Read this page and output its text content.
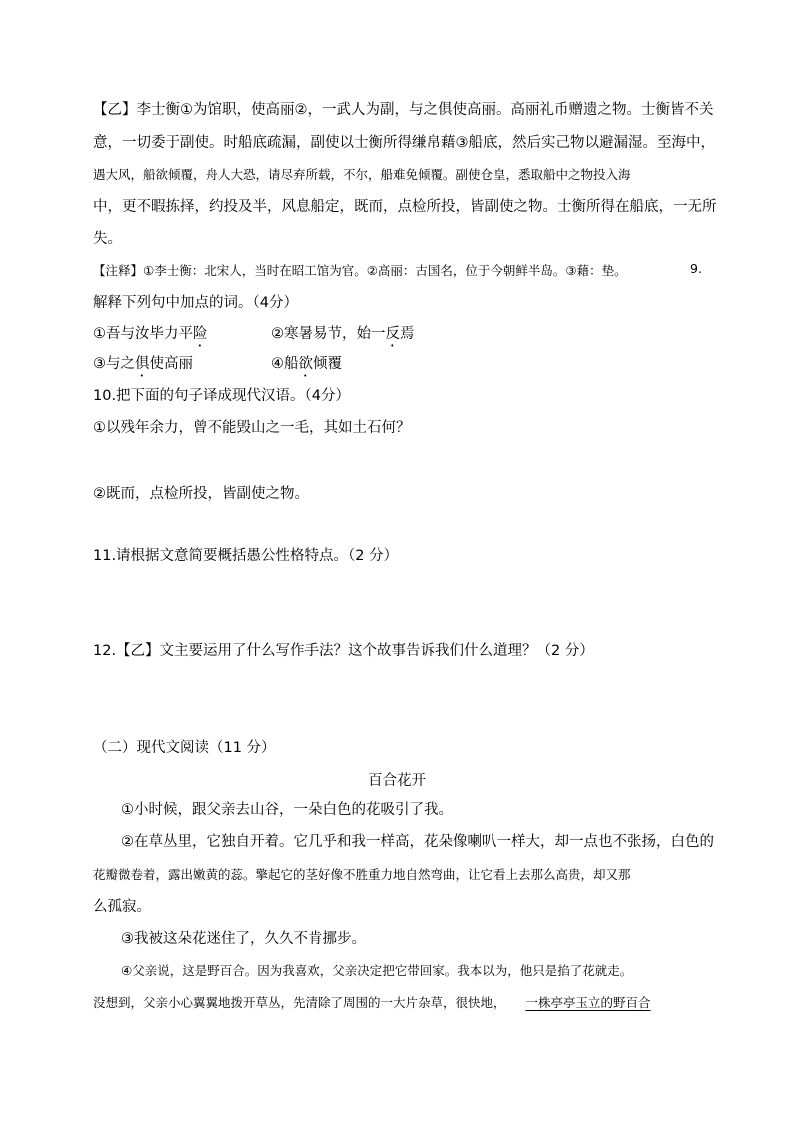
【乙】李士衡①为馆职，使高丽②，一武人为副，与之俱使高丽。高丽礼币赠遗之物。士衡皆不关
意，一切委于副使。时船底疏漏，副使以士衡所得缣帛藉③船底，然后实己物以避漏湿。至海中，
遇大风，船欲倾覆，舟人大恐，请尽弃所载，不尔，船难免倾覆。副使仓皇，悉取船中之物投入海
中，更不暇拣择，约投及半，风息船定，既而，点检所投，皆副使之物。士衡所得在船底，一无所
失。
【注释】①李士衡：北宋人，当时在昭工馆为官。②高丽：古国名，位于今朝鲜半岛。③藉：垫。	9.
解释下列句中加点的词。（4分）
①吾与汝毕力平险	②寒暑易节，始一反焉
③与之俱使高丽	④船欲倾覆
10.把下面的句子译成现代汉语。（4分）
①以残年余力，曾不能毁山之一毛，其如土石何？
②既而，点检所投，皆副使之物。
11.请根据文意简要概括愚公性格特点。（2 分）
12.【乙】文主要运用了什么写作手法？这个故事告诉我们什么道理？（2 分）
（二）现代文阅读（11 分）
百合花开
①小时候，跟父亲去山谷，一朵白色的花吸引了我。
②在草丛里，它独自开着。它几乎和我一样高，花朵像喇叭一样大，却一点也不张扬，白色的
花瓣微卷着，露出嫩黄的蕊。擎起它的茎好像不胜重力地自然弯曲，让它看上去那么高贵，却又那
么孤寂。
③我被这朵花迷住了，久久不肯挪步。
④父亲说，这是野百合。因为我喜欢，父亲决定把它带回家。我本以为，他只是掐了花就走。
没想到，父亲小心翼翼地拨开草丛，先清除了周围的一大片杂草，很快地， 一株亭亭玉立的野百合
